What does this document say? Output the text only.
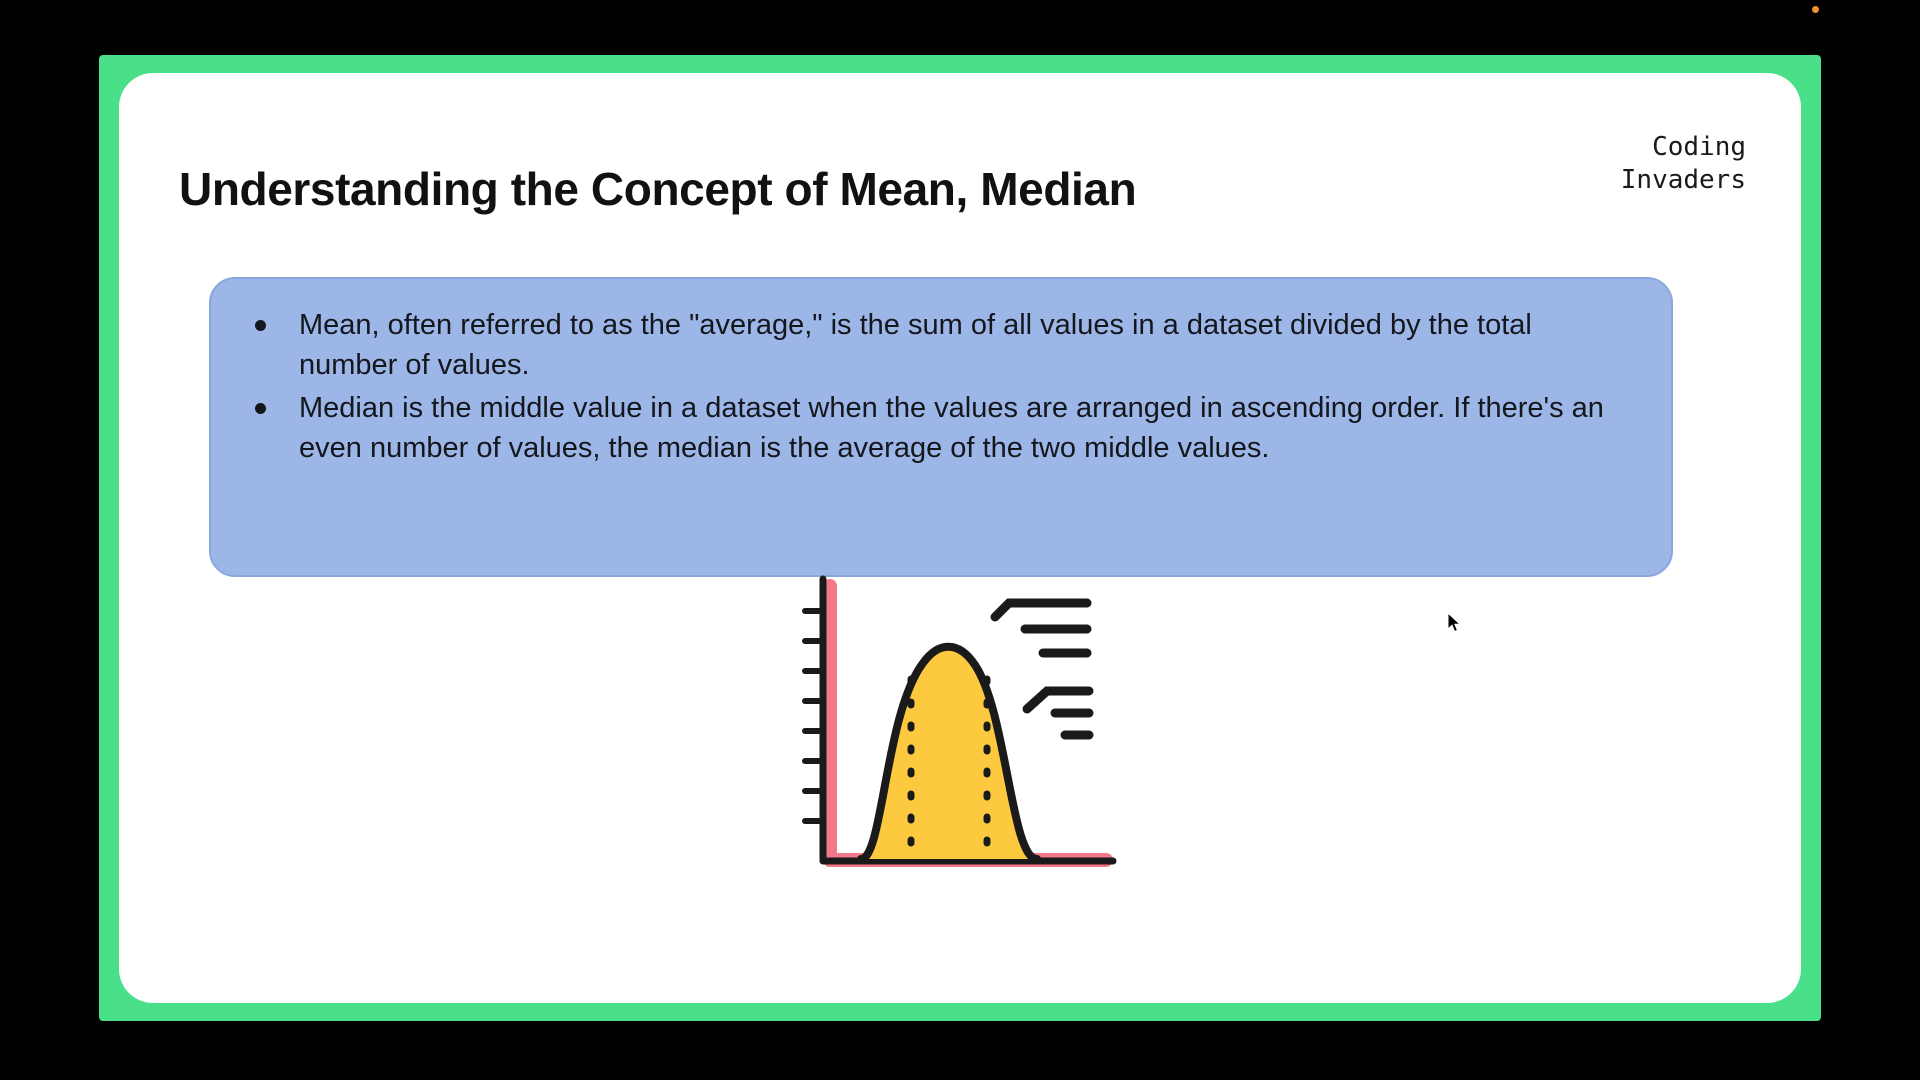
Understanding the Concept of Mean, Median
Coding
Invaders
Mean, often referred to as the "average," is the sum of all values in a dataset divided by the total number of values.
Median is the middle value in a dataset when the values are arranged in ascending order. If there's an even number of values, the median is the average of the two middle values.
